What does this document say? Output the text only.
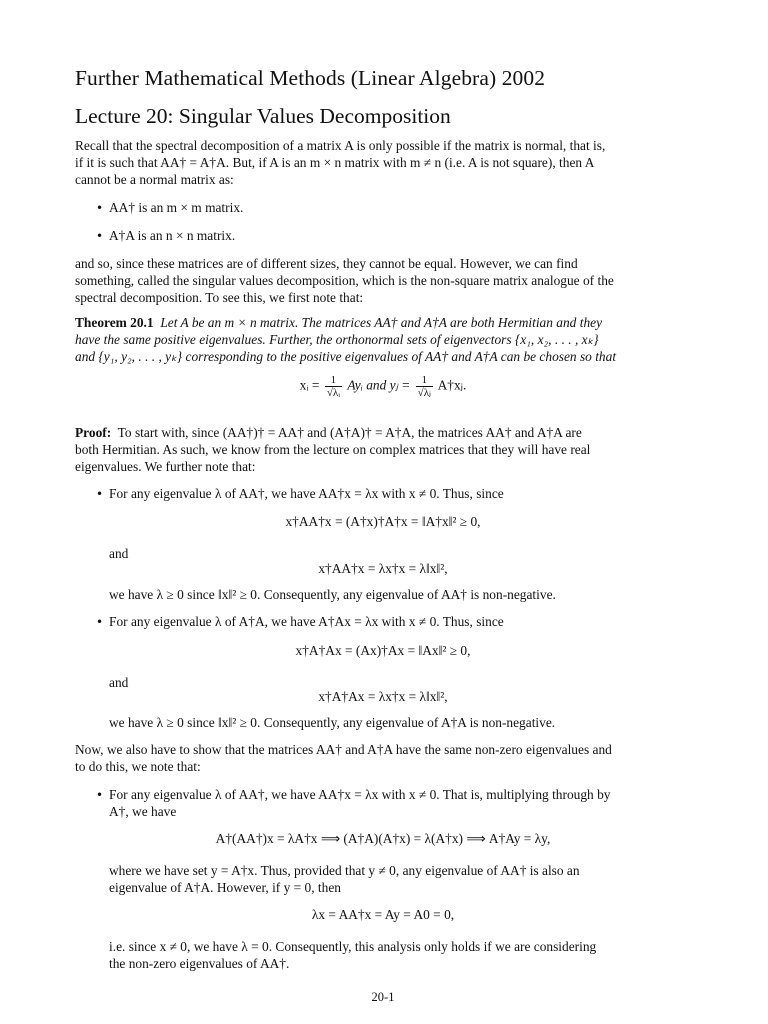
Further Mathematical Methods (Linear Algebra) 2002
Lecture 20: Singular Values Decomposition
Recall that the spectral decomposition of a matrix A is only possible if the matrix is normal, that is,
if it is such that AA† = A†A. But, if A is an m × n matrix with m ≠ n (i.e. A is not square), then A
cannot be a normal matrix as:
• AA† is an m × m matrix.
• A†A is an n × n matrix.
and so, since these matrices are of different sizes, they cannot be equal. However, we can find
something, called the singular values decomposition, which is the non-square matrix analogue of the
spectral decomposition. To see this, we first note that:
Theorem 20.1 Let A be an m × n matrix. The matrices AA† and A†A are both Hermitian and they
have the same positive eigenvalues. Further, the orthonormal sets of eigenvectors {x₁, x₂, . . . , xₖ}
and {y₁, y₂, . . . , yₖ} corresponding to the positive eigenvalues of AA† and A†A can be chosen so that
xᵢ = $\frac{1}{\text{√λᵢ}}$ Ayᵢ and yⱼ = $\frac{1}{\text{√λⱼ}}$ A†xⱼ.
Proof: To start with, since (AA†)† = AA† and (A†A)† = A†A, the matrices AA† and A†A are
both Hermitian. As such, we know from the lecture on complex matrices that they will have real
eigenvalues. We further note that:
• For any eigenvalue λ of AA†, we have AA†x = λx with x ≠ 0. Thus, since
x†AA†x = (A†x)†A†x = ‖A†x‖² ≥ 0,
and
x†AA†x = λx†x = λ‖x‖²,
we have λ ≥ 0 since ‖x‖² ≥ 0. Consequently, any eigenvalue of AA† is non-negative.
• For any eigenvalue λ of A†A, we have A†Ax = λx with x ≠ 0. Thus, since
x†A†Ax = (Ax)†Ax = ‖Ax‖² ≥ 0,
and
x†A†Ax = λx†x = λ‖x‖²,
we have λ ≥ 0 since ‖x‖² ≥ 0. Consequently, any eigenvalue of A†A is non-negative.
Now, we also have to show that the matrices AA† and A†A have the same non-zero eigenvalues and
to do this, we note that:
• For any eigenvalue λ of AA†, we have AA†x = λx with x ≠ 0. That is, multiplying through by
A†, we have
A†(AA†)x = λA†x ⟹ (A†A)(A†x) = λ(A†x) ⟹ A†Ay = λy,
where we have set y = A†x. Thus, provided that y ≠ 0, any eigenvalue of AA† is also an
eigenvalue of A†A. However, if y = 0, then
λx = AA†x = Ay = A0 = 0,
i.e. since x ≠ 0, we have λ = 0. Consequently, this analysis only holds if we are considering
the non-zero eigenvalues of AA†.
20-1
